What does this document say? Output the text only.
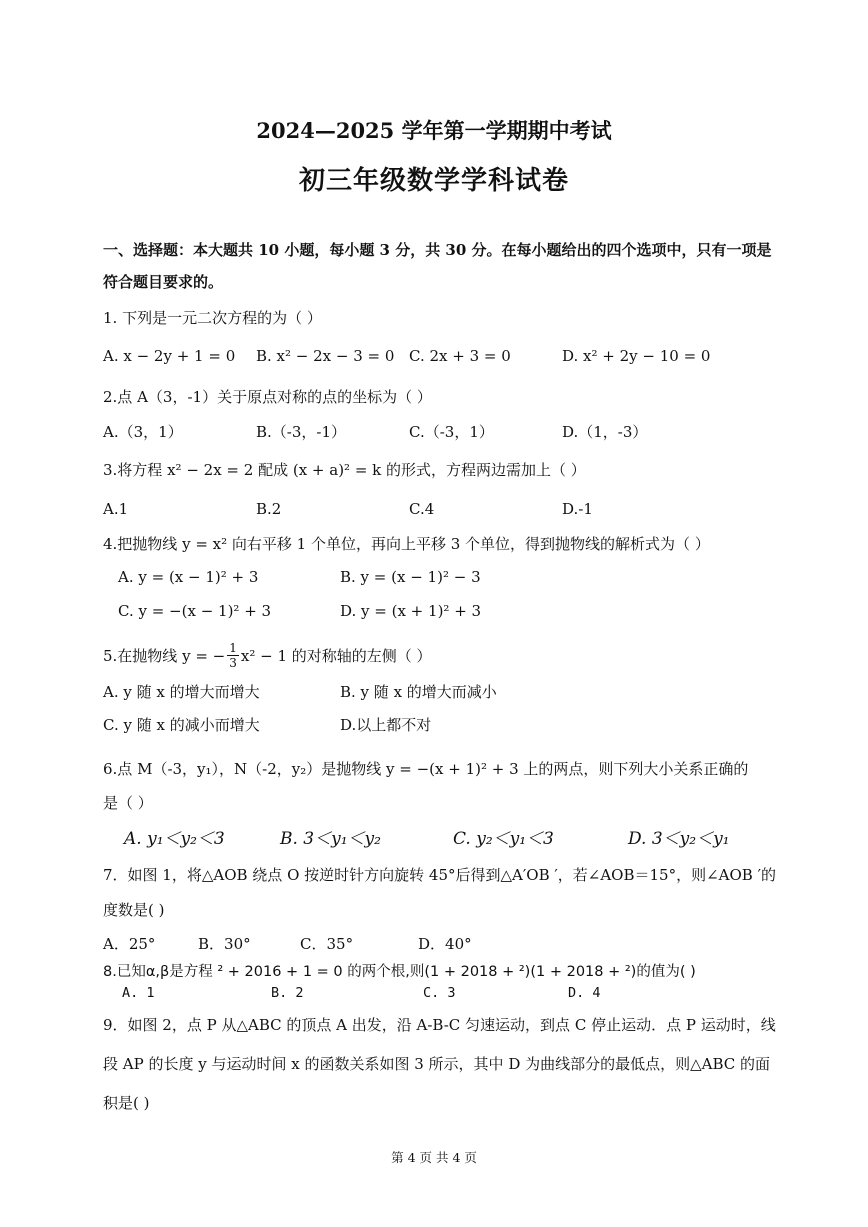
2024—2025 学年第一学期期中考试
初三年级数学学科试卷
一、选择题：本大题共 10 小题，每小题 3 分，共 30 分。在每小题给出的四个选项中，只有一项是
符合题目要求的。
1. 下列是一元二次方程的为（ ）
A. x − 2y + 1 = 0 B. x² − 2x − 3 = 0 C. 2x + 3 = 0	D. x² + 2y − 10 = 0
2.点 A（3，-1）关于原点对称的点的坐标为（ ）
A.（3，1）	B.（-3，-1）	C.（-3，1）	D.（1，-3）
3.将方程 x² − 2x = 2 配成 (x + a)² = k 的形式，方程两边需加上（ ）
A.1	B.2	C.4	D.-1
4.把抛物线 y = x² 向右平移 1 个单位，再向上平移 3 个单位，得到抛物线的解析式为（ ）
A. y = (x − 1)² + 3	B. y = (x − 1)² − 3
C. y = −(x − 1)² + 3	D. y = (x + 1)² + 3
5.在抛物线 y = − $\frac{1}{3} x^2 - 1$ 的对称轴的左侧（ ）
A. y 随 x 的增大而增大	B. y 随 x 的增大而减小
C. y 随 x 的减小而增大	D.以上都不对
6.点 M（-3，y₁），N（-2，y₂）是抛物线 y = −(x + 1)² + 3 上的两点，则下列大小关系正确的
是（ ）
A. y₁＜y₂＜3	B. 3＜y₁＜y₂	C. y₂＜y₁＜3	D. 3＜y₂＜y₁
7．如图 1，将△AOB 绕点 O 按逆时针方向旋转 45°后得到△A′OB ′，若∠AOB＝15°，则∠AOB ′的
度数是( )
A．25°	B．30°	C．35°	D．40°
8.已知α,β是方程 ² + 2016 + 1 = 0 的两个根,则(1 + 2018 + ²)(1 + 2018 + ²)的值为( )
A. 1	B. 2	C. 3	D. 4
9．如图 2，点 P 从△ABC 的顶点 A 出发，沿 A-B-C 匀速运动，到点 C 停止运动．点 P 运动时，线
段 AP 的长度 y 与运动时间 x 的函数关系如图 3 所示，其中 D 为曲线部分的最低点，则△ABC 的面
积是( )
第 4 页 共 4 页
